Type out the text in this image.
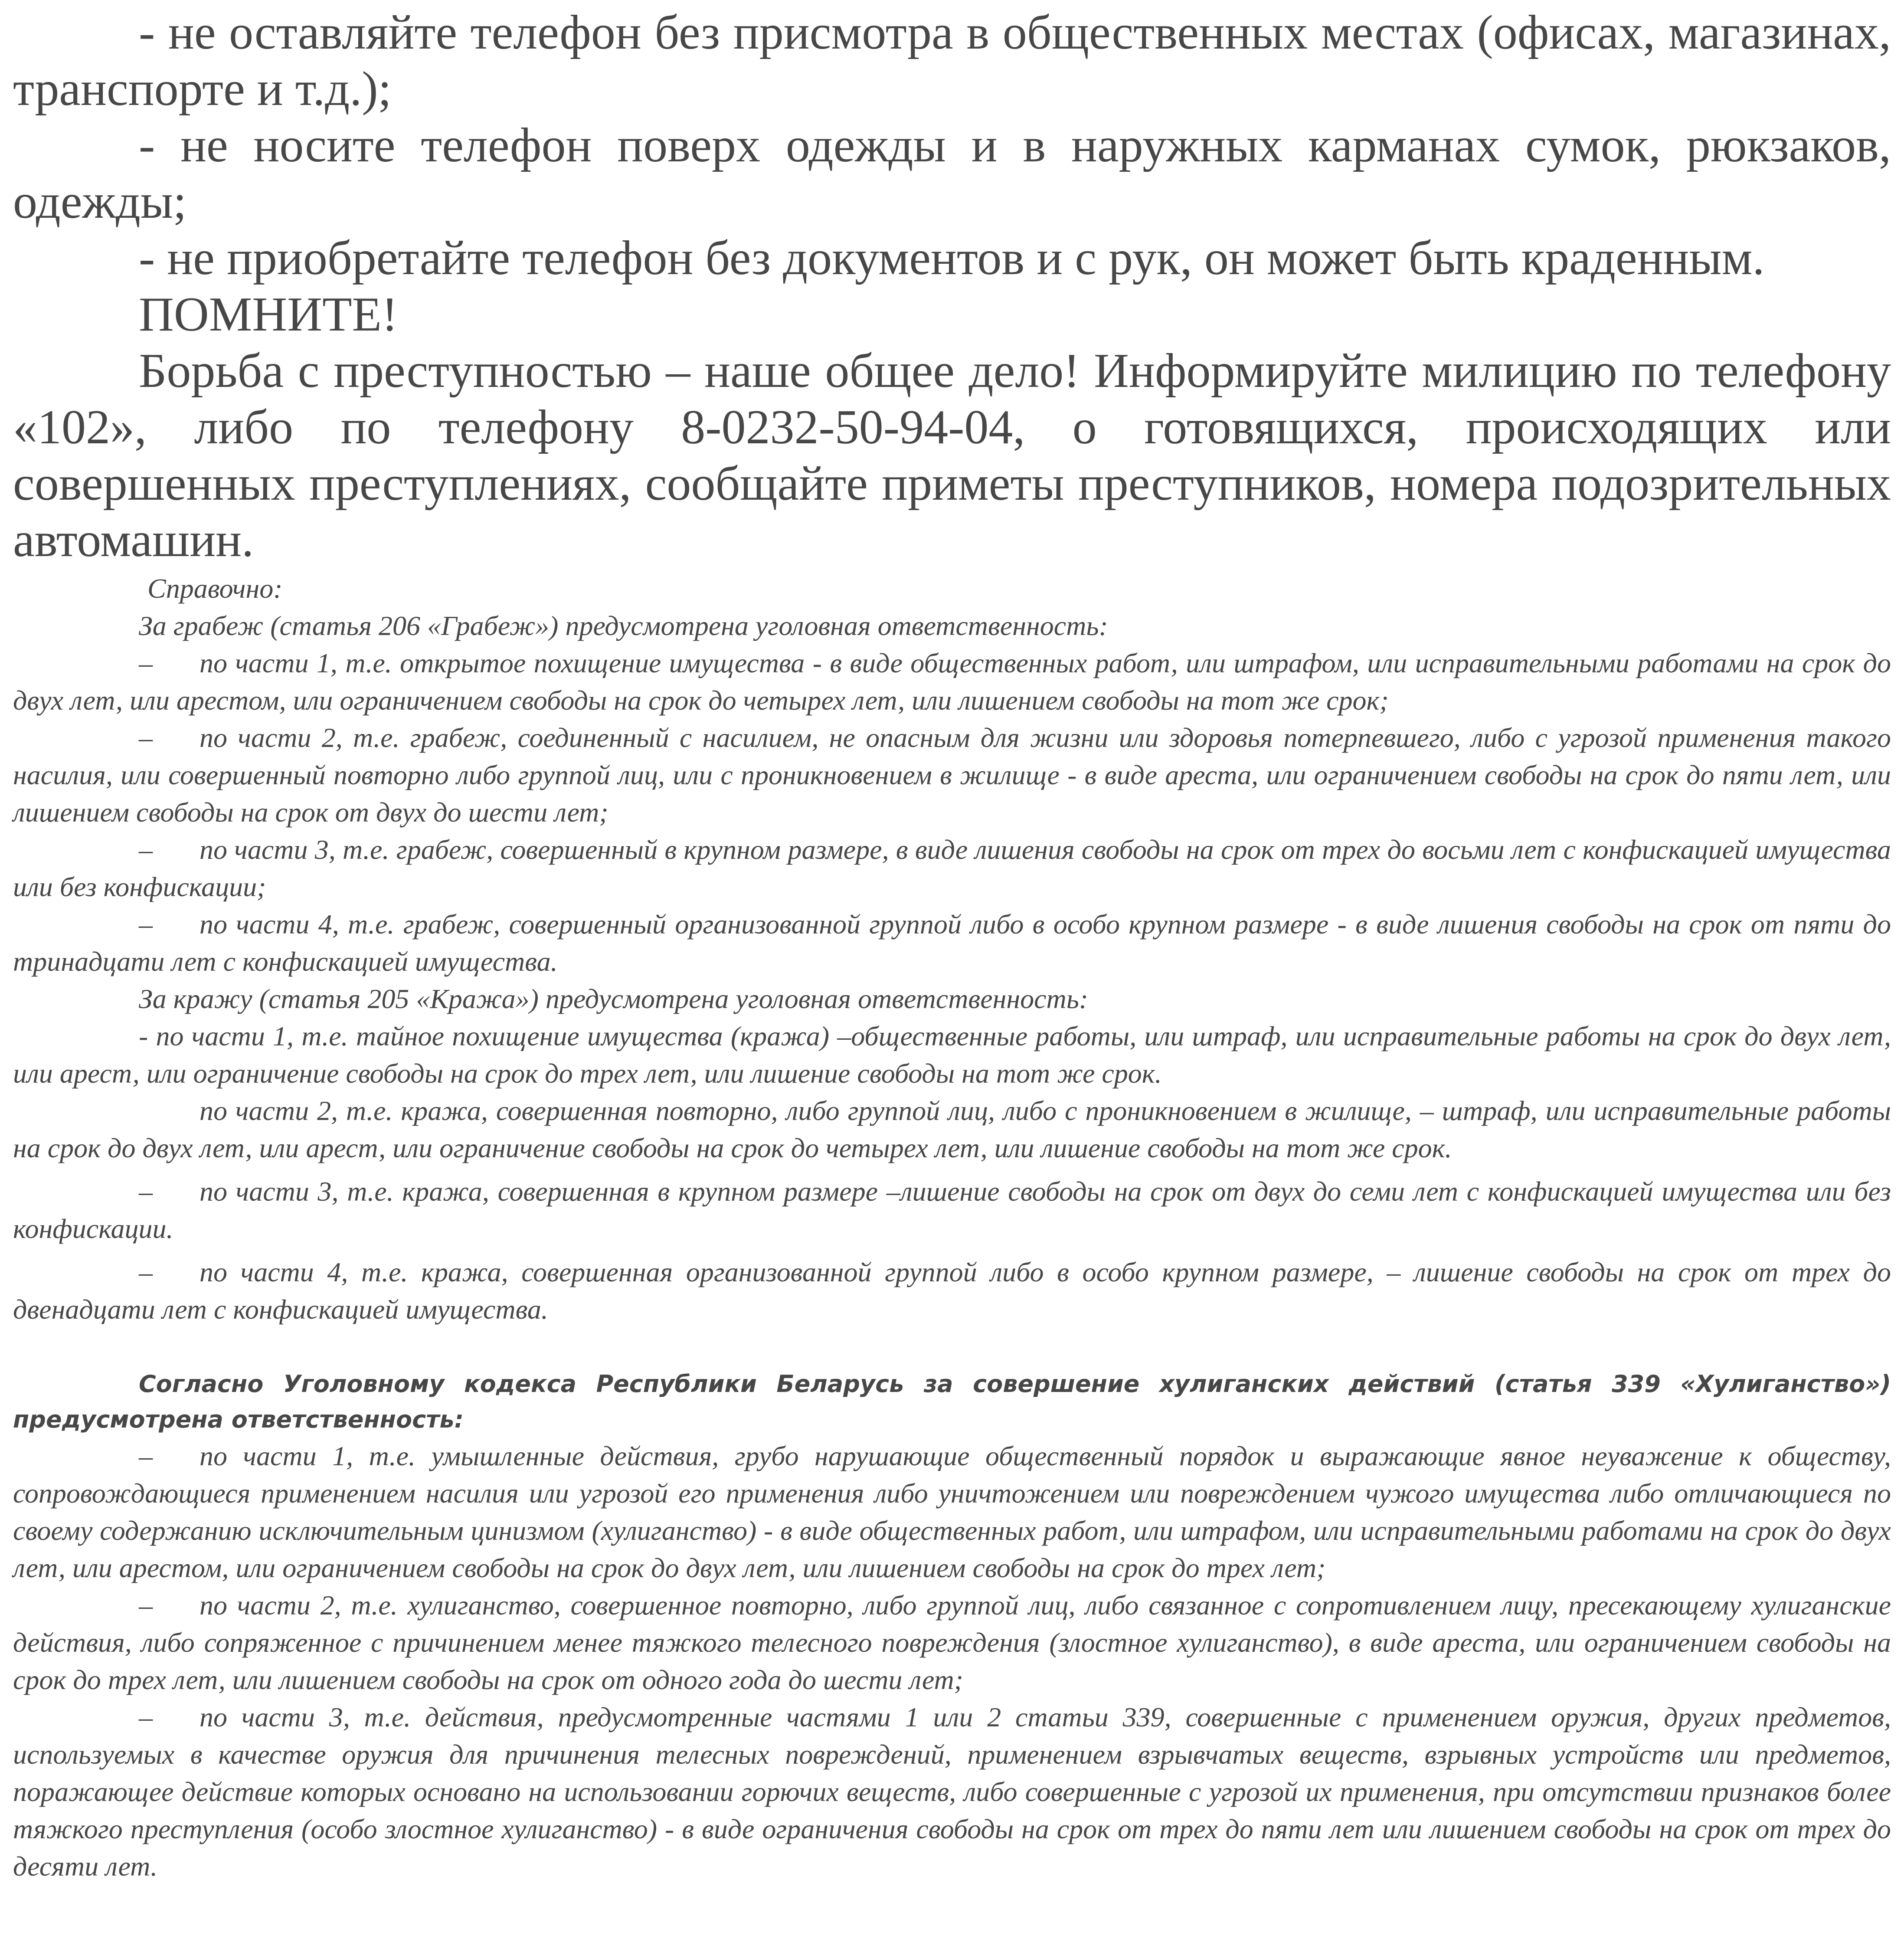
- не оставляйте телефон без присмотра в общественных местах (офисах, магазинах, транспорте и т.д.);

- не носите телефон поверх одежды и в наружных карманах сумок, рюкзаков, одежды;

- не приобретайте телефон без документов и с рук, он может быть краденным.

ПОМНИТЕ!

Борьба с преступностью – наше общее дело! Информируйте милицию по телефону «102», либо по телефону 8-0232-50-94-04, о готовящихся, происходящих или совершенных преступлениях, сообщайте приметы преступников, номера подозрительных автомашин.

Справочно:

За грабеж (статья 206 «Грабеж») предусмотрена уголовная ответственность:

– по части 1, т.е. открытое похищение имущества - в виде общественных работ, или штрафом, или исправительными работами на срок до двух лет, или арестом, или ограничением свободы на срок до четырех лет, или лишением свободы на тот же срок;

– по части 2, т.е. грабеж, соединенный с насилием, не опасным для жизни или здоровья потерпевшего, либо с угрозой применения такого насилия, или совершенный повторно либо группой лиц, или с проникновением в жилище - в виде ареста, или ограничением свободы на срок до пяти лет, или лишением свободы на срок от двух до шести лет;

– по части 3, т.е. грабеж, совершенный в крупном размере, в виде лишения свободы на срок от трех до восьми лет с конфискацией имущества или без конфискации;

– по части 4, т.е. грабеж, совершенный организованной группой либо в особо крупном размере - в виде лишения свободы на срок от пяти до тринадцати лет с конфискацией имущества.

За кражу (статья 205 «Кража») предусмотрена уголовная ответственность:

- по части 1, т.е. тайное похищение имущества (кража) –общественные работы, или штраф, или исправительные работы на срок до двух лет, или арест, или ограничение свободы на срок до трех лет, или лишение свободы на тот же срок.

по части 2, т.е. кража, совершенная повторно, либо группой лиц, либо с проникновением в жилище, – штраф, или исправительные работы на срок до двух лет, или арест, или ограничение свободы на срок до четырех лет, или лишение свободы на тот же срок.

– по части 3, т.е. кража, совершенная в крупном размере –лишение свободы на срок от двух до семи лет с конфискацией имущества или без конфискации.

– по части 4, т.е. кража, совершенная организованной группой либо в особо крупном размере, – лишение свободы на срок от трех до двенадцати лет с конфискацией имущества.

Согласно Уголовному кодекса Республики Беларусь за совершение хулиганских действий (статья 339 «Хулиганство») предусмотрена ответственность:

– по части 1, т.е. умышленные действия, грубо нарушающие общественный порядок и выражающие явное неуважение к обществу, сопровождающиеся применением насилия или угрозой его применения либо уничтожением или повреждением чужого имущества либо отличающиеся по своему содержанию исключительным цинизмом (хулиганство) - в виде общественных работ, или штрафом, или исправительными работами на срок до двух лет, или арестом, или ограничением свободы на срок до двух лет, или лишением свободы на срок до трех лет;

– по части 2, т.е. хулиганство, совершенное повторно, либо группой лиц, либо связанное с сопротивлением лицу, пресекающему хулиганские действия, либо сопряженное с причинением менее тяжкого телесного повреждения (злостное хулиганство), в виде ареста, или ограничением свободы на срок до трех лет, или лишением свободы на срок от одного года до шести лет;

– по части 3, т.е. действия, предусмотренные частями 1 или 2 статьи 339, совершенные с применением оружия, других предметов, используемых в качестве оружия для причинения телесных повреждений, применением взрывчатых веществ, взрывных устройств или предметов, поражающее действие которых основано на использовании горючих веществ, либо совершенные с угрозой их применения, при отсутствии признаков более тяжкого преступления (особо злостное хулиганство) - в виде ограничения свободы на срок от трех до пяти лет или лишением свободы на срок от трех до десяти лет.
